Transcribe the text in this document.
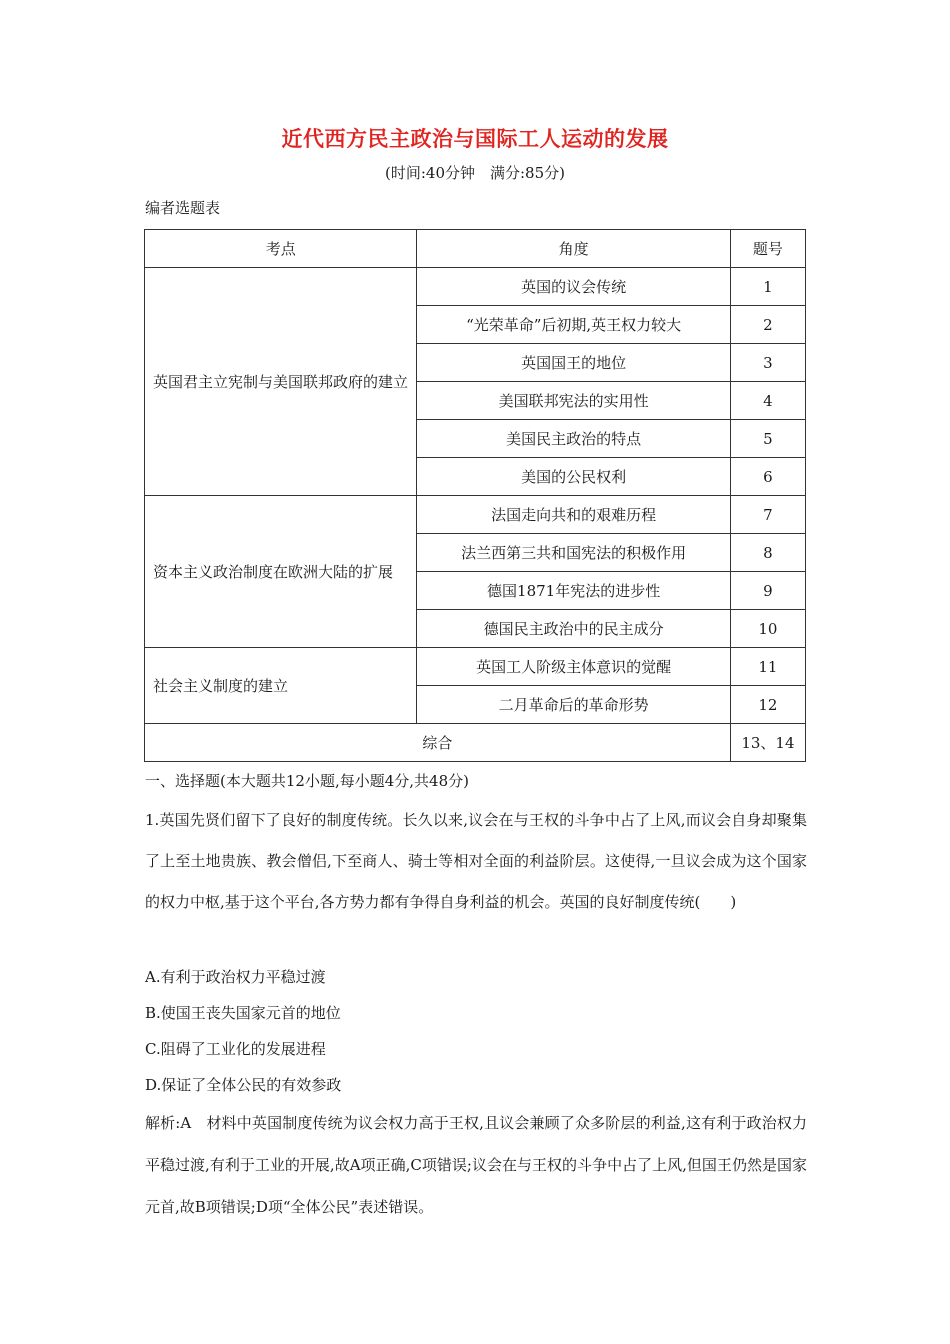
近代西方民主政治与国际工人运动的发展
(时间:40分钟　满分:85分)
编者选题表
考点	角度	题号
英国君主立宪制与美国联邦政府的建立	英国的议会传统	1
	“光荣革命”后初期,英王权力较大	2
	英国国王的地位	3
	美国联邦宪法的实用性	4
	美国民主政治的特点	5
	美国的公民权利	6
资本主义政治制度在欧洲大陆的扩展	法国走向共和的艰难历程	7
	法兰西第三共和国宪法的积极作用	8
	德国1871年宪法的进步性	9
	德国民主政治中的民主成分	10
社会主义制度的建立	英国工人阶级主体意识的觉醒	11
	二月革命后的革命形势	12
综合		13、14
一、选择题(本大题共12小题,每小题4分,共48分)
1.英国先贤们留下了良好的制度传统。长久以来,议会在与王权的斗争中占了上风,而议会自身却聚集了上至土地贵族、教会僧侣,下至商人、骑士等相对全面的利益阶层。这使得,一旦议会成为这个国家的权力中枢,基于这个平台,各方势力都有争得自身利益的机会。英国的良好制度传统(　　)
A.有利于政治权力平稳过渡
B.使国王丧失国家元首的地位
C.阻碍了工业化的发展进程
D.保证了全体公民的有效参政
解析:A　材料中英国制度传统为议会权力高于王权,且议会兼顾了众多阶层的利益,这有利于政治权力平稳过渡,有利于工业的开展,故A项正确,C项错误;议会在与王权的斗争中占了上风,但国王仍然是国家元首,故B项错误;D项“全体公民”表述错误。
